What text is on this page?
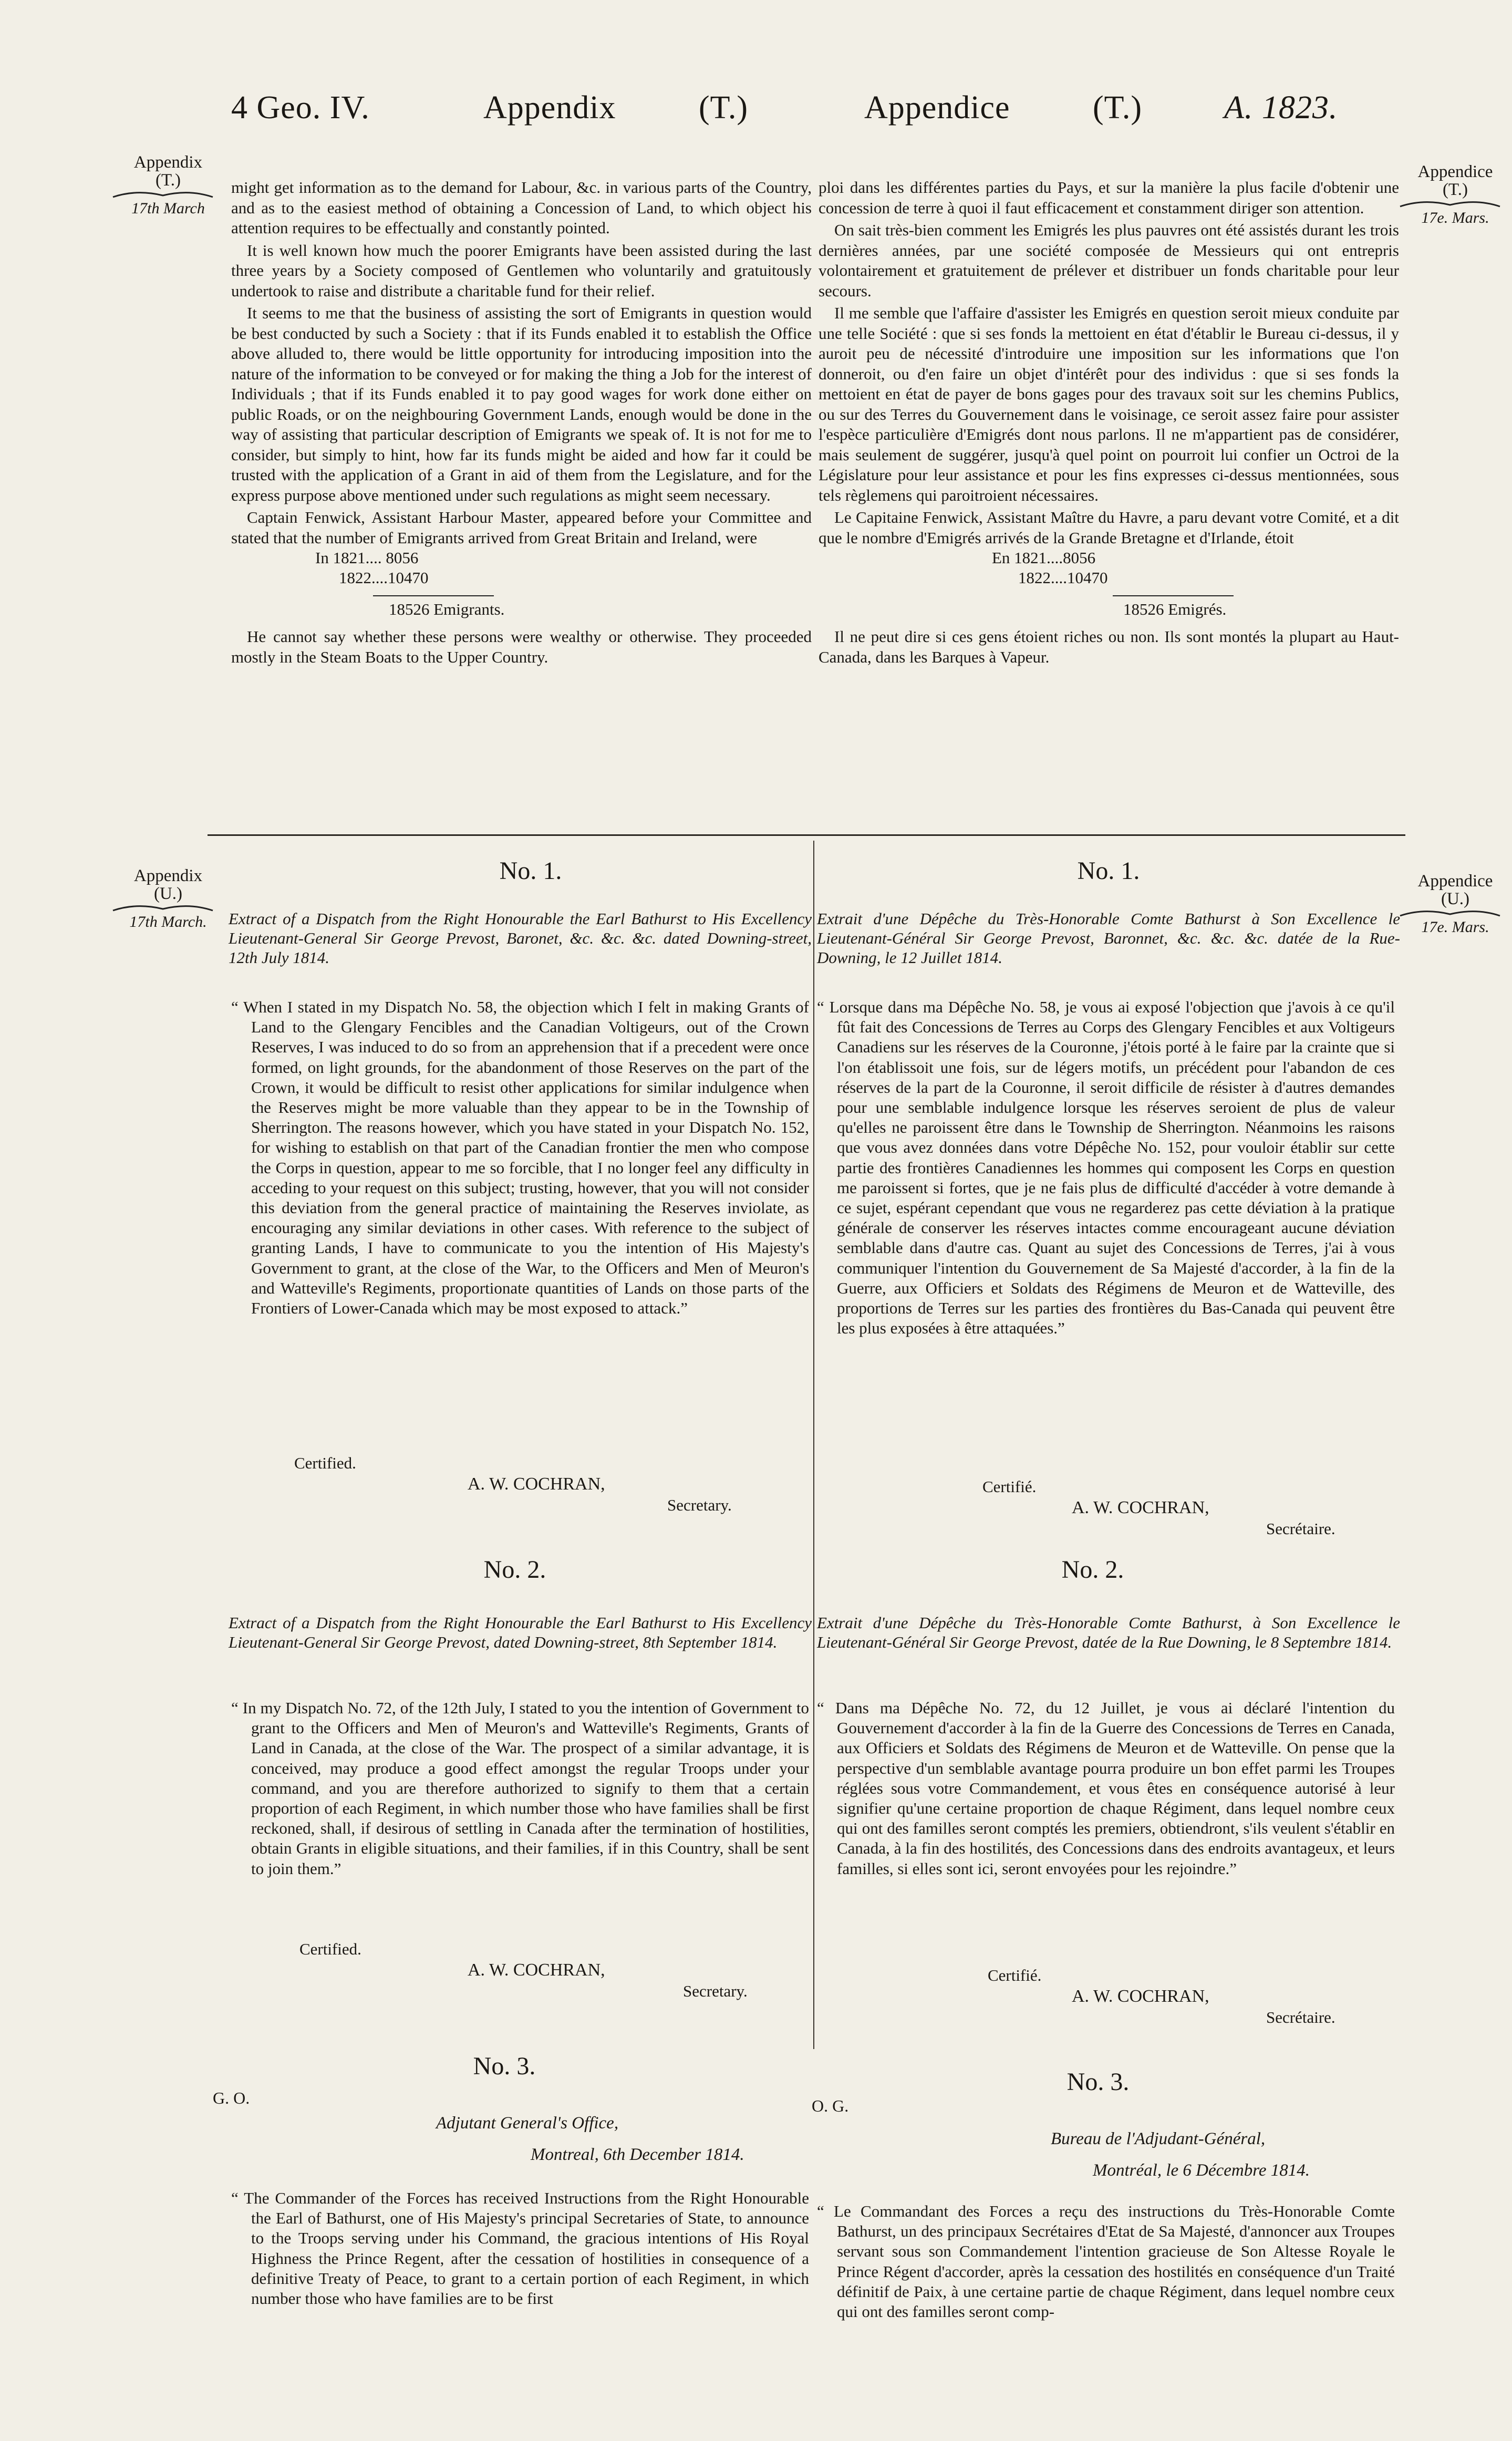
4 Geo. IV.	Appendix	(T.)	Appendice	(T.)	A. 1823.
Appendix
(T.)
17th March
Appendice
(T.)
17e. Mars.

might get information as to the demand for Labour, &c. in various parts of the Country, and as to the easiest method of obtaining a Concession of Land, to which object his attention requires to be effectually and constantly pointed.

It is well known how much the poorer Emigrants have been assisted during the last three years by a Society composed of Gentlemen who voluntarily and gratuitously undertook to raise and distribute a charitable fund for their relief.

It seems to me that the business of assisting the sort of Emigrants in question would be best conducted by such a Society : that if its Funds enabled it to establish the Office above alluded to, there would be little opportunity for introducing imposition into the nature of the information to be conveyed or for making the thing a Job for the interest of Individuals ; that if its Funds enabled it to pay good wages for work done either on public Roads, or on the neighbouring Government Lands, enough would be done in the way of assisting that particular description of Emigrants we speak of. It is not for me to consider, but simply to hint, how far its funds might be aided and how far it could be trusted with the application of a Grant in aid of them from the Legislature, and for the express purpose above mentioned under such regulations as might seem necessary.

Captain Fenwick, Assistant Harbour Master, appeared before your Committee and stated that the number of Emigrants arrived from Great Britain and Ireland, were

In 1821.... 8056
1822....10470
18526 Emigrants.

He cannot say whether these persons were wealthy or otherwise. They proceeded mostly in the Steam Boats to the Upper Country.

ploi dans les différentes parties du Pays, et sur la manière la plus facile d'obtenir une concession de terre à quoi il faut efficacement et constamment diriger son attention.

On sait très-bien comment les Emigrés les plus pauvres ont été assistés durant les trois dernières années, par une société composée de Messieurs qui ont entrepris volontairement et gratuitement de prélever et distribuer un fonds charitable pour leur secours.

Il me semble que l'affaire d'assister les Emigrés en question seroit mieux conduite par une telle Société : que si ses fonds la mettoient en état d'établir le Bureau ci-dessus, il y auroit peu de nécessité d'introduire une imposition sur les informations que l'on donneroit, ou d'en faire un objet d'intérêt pour des individus : que si ses fonds la mettoient en état de payer de bons gages pour des travaux soit sur les chemins Publics, ou sur des Terres du Gouvernement dans le voisinage, ce seroit assez faire pour assister l'espèce particulière d'Emigrés dont nous parlons. Il ne m'appartient pas de considérer, mais seulement de suggérer, jusqu'à quel point on pourroit lui confier un Octroi de la Législature pour leur assistance et pour les fins expresses ci-dessus mentionnées, sous tels règlemens qui paroitroient nécessaires.

Le Capitaine Fenwick, Assistant Maître du Havre, a paru devant votre Comité, et a dit que le nombre d'Emigrés arrivés de la Grande Bretagne et d'Irlande, étoit

En 1821....8056
1822....10470
18526 Emigrés.

Il ne peut dire si ces gens étoient riches ou non. Ils sont montés la plupart au Haut-Canada, dans les Barques à Vapeur.

Appendix
(U.)
17th March.
Appendice
(U.)
17e. Mars.
No. 1.	No. 1.
Extract of a Dispatch from the Right Honourable the Earl Bathurst to His Excellency Lieutenant-General Sir George Prevost, Baronet, &c. &c. &c. dated Downing-street, 12th July 1814.
Extrait d'une Dépêche du Très-Honorable Comte Bathurst à Son Excellence le Lieutenant-Général Sir George Prevost, Baronnet, &c. &c. &c. datée de la Rue-Downing, le 12 Juillet 1814.

“ When I stated in my Dispatch No. 58, the objection which I felt in making Grants of Land to the Glengary Fencibles and the Canadian Voltigeurs, out of the Crown Reserves, I was induced to do so from an apprehension that if a precedent were once formed, on light grounds, for the abandonment of those Reserves on the part of the Crown, it would be difficult to resist other applications for similar indulgence when the Reserves might be more valuable than they appear to be in the Township of Sherrington. The reasons however, which you have stated in your Dispatch No. 152, for wishing to establish on that part of the Canadian frontier the men who compose the Corps in question, appear to me so forcible, that I no longer feel any difficulty in acceding to your request on this subject; trusting, however, that you will not consider this deviation from the general practice of maintaining the Reserves inviolate, as encouraging any similar deviations in other cases. With reference to the subject of granting Lands, I have to communicate to you the intention of His Majesty's Government to grant, at the close of the War, to the Officers and Men of Meuron's and Watteville's Regiments, proportionate quantities of Lands on those parts of the Frontiers of Lower-Canada which may be most exposed to attack.”

“ Lorsque dans ma Dépêche No. 58, je vous ai exposé l'objection que j'avois à ce qu'il fût fait des Concessions de Terres au Corps des Glengary Fencibles et aux Voltigeurs Canadiens sur les réserves de la Couronne, j'étois porté à le faire par la crainte que si l'on établissoit une fois, sur de légers motifs, un précédent pour l'abandon de ces réserves de la part de la Couronne, il seroit difficile de résister à d'autres demandes pour une semblable indulgence lorsque les réserves seroient de plus de valeur qu'elles ne paroissent être dans le Township de Sherrington. Néanmoins les raisons que vous avez données dans votre Dépêche No. 152, pour vouloir établir sur cette partie des frontières Canadiennes les hommes qui composent les Corps en question me paroissent si fortes, que je ne fais plus de difficulté d'accéder à votre demande à ce sujet, espérant cependant que vous ne regarderez pas cette déviation à la pratique générale de conserver les réserves intactes comme encourageant aucune déviation semblable dans d'autre cas. Quant au sujet des Concessions de Terres, j'ai à vous communiquer l'intention du Gouvernement de Sa Majesté d'accorder, à la fin de la Guerre, aux Officiers et Soldats des Régimens de Meuron et de Watteville, des proportions de Terres sur les parties des frontières du Bas-Canada qui peuvent être les plus exposées à être attaquées.”

Certified.
A. W. COCHRAN,
Secretary.
Certifié.
A. W. COCHRAN,
Secrétaire.
No. 2.	No. 2.
Extract of a Dispatch from the Right Honourable the Earl Bathurst to His Excellency Lieutenant-General Sir George Prevost, dated Downing-street, 8th September 1814.
Extrait d'une Dépêche du Très-Honorable Comte Bathurst, à Son Excellence le Lieutenant-Général Sir George Prevost, datée de la Rue Downing, le 8 Septembre 1814.

“ In my Dispatch No. 72, of the 12th July, I stated to you the intention of Government to grant to the Officers and Men of Meuron's and Watteville's Regiments, Grants of Land in Canada, at the close of the War. The prospect of a similar advantage, it is conceived, may produce a good effect amongst the regular Troops under your command, and you are therefore authorized to signify to them that a certain proportion of each Regiment, in which number those who have families shall be first reckoned, shall, if desirous of settling in Canada after the termination of hostilities, obtain Grants in eligible situations, and their families, if in this Country, shall be sent to join them.”

“ Dans ma Dépêche No. 72, du 12 Juillet, je vous ai déclaré l'intention du Gouvernement d'accorder à la fin de la Guerre des Concessions de Terres en Canada, aux Officiers et Soldats des Régimens de Meuron et de Watteville. On pense que la perspective d'un semblable avantage pourra produire un bon effet parmi les Troupes réglées sous votre Commandement, et vous êtes en conséquence autorisé à leur signifier qu'une certaine proportion de chaque Régiment, dans lequel nombre ceux qui ont des familles seront comptés les premiers, obtiendront, s'ils veulent s'établir en Canada, à la fin des hostilités, des Concessions dans des endroits avantageux, et leurs familles, si elles sont ici, seront envoyées pour les rejoindre.”

Certified.
A. W. COCHRAN,
Secretary.
Certifié.
A. W. COCHRAN,
Secrétaire.
No. 3.
No. 3.
G. O.	O. G.
Adjutant General's Office,
Montreal, 6th December 1814.
Bureau de l'Adjudant-Général,
Montréal, le 6 Décembre 1814.

“ The Commander of the Forces has received Instructions from the Right Honourable the Earl of Bathurst, one of His Majesty's principal Secretaries of State, to announce to the Troops serving under his Command, the gracious intentions of His Royal Highness the Prince Regent, after the cessation of hostilities in consequence of a definitive Treaty of Peace, to grant to a certain portion of each Regiment, in which number those who have families are to be first

“ Le Commandant des Forces a reçu des instructions du Très-Honorable Comte Bathurst, un des principaux Secrétaires d'Etat de Sa Majesté, d'annoncer aux Troupes servant sous son Commandement l'intention gracieuse de Son Altesse Royale le Prince Régent d'accorder, après la cessation des hostilités en conséquence d'un Traité définitif de Paix, à une certaine partie de chaque Régiment, dans lequel nombre ceux qui ont des familles seront comp-
